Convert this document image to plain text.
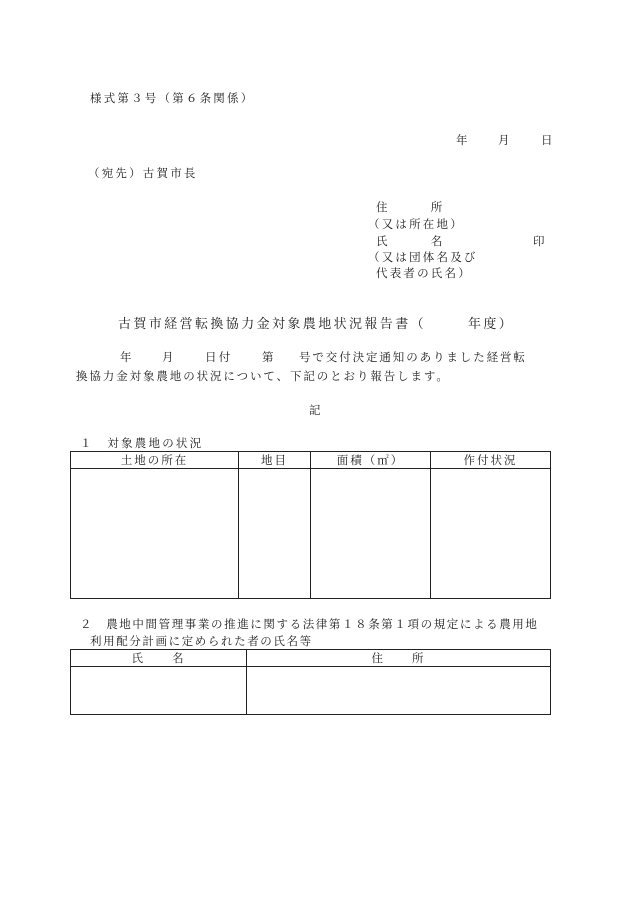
様式第３号（第６条関係）
年 月	日
（宛先）古賀市長
住　　　所
（又は所在地）
氏　　　名	印
（又は団体名及び
代表者の氏名）
古賀市経営転換協力金対象農地状況報告書（	年度）
年 月	日付	第 号で交付決定通知のありました経営転
換協力金対象農地の状況について、下記のとおり報告します。
記
１　対象農地の状況
土地の所在	地目	面積（㎡）	作付状況

２　農地中間管理事業の推進に関する法律第１８条第１項の規定による農用地
利用配分計画に定められた者の氏名等
氏　　名	住　　所
